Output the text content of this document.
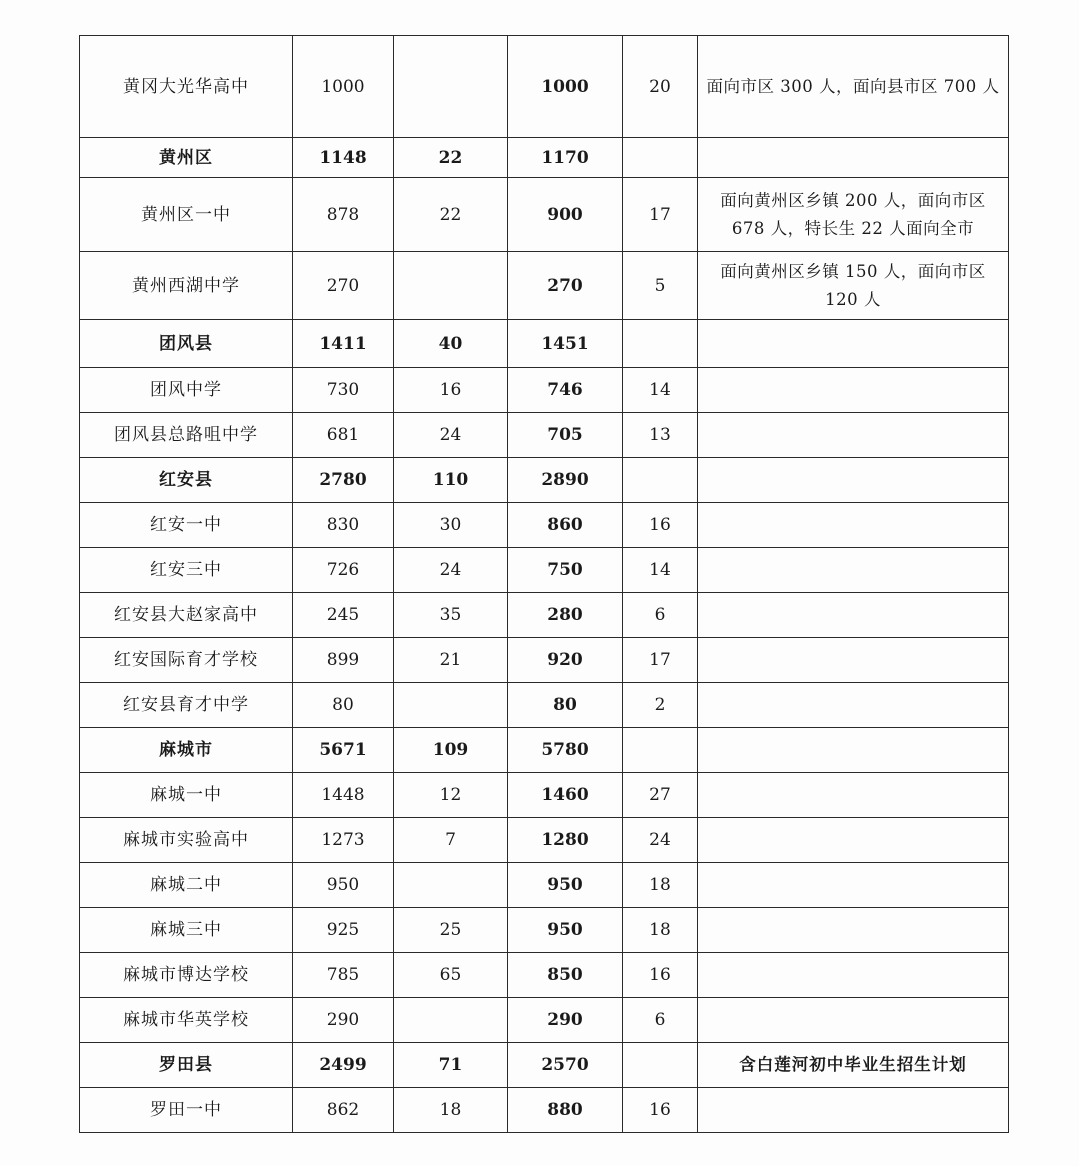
黄冈大光华高中	1000		1000	20	面向市区 300 人，面向县市区 700 人
黄州区	1148	22	1170		
黄州区一中	878	22	900	17	面向黄州区乡镇 200 人，面向市区 678 人，特长生 22 人面向全市
黄州西湖中学	270		270	5	面向黄州区乡镇 150 人，面向市区 120 人
团风县	1411	40	1451		
团风中学	730	16	746	14	
团风县总路咀中学	681	24	705	13	
红安县	2780	110	2890		
红安一中	830	30	860	16	
红安三中	726	24	750	14	
红安县大赵家高中	245	35	280	6	
红安国际育才学校	899	21	920	17	
红安县育才中学	80		80	2	
麻城市	5671	109	5780		
麻城一中	1448	12	1460	27	
麻城市实验高中	1273	7	1280	24	
麻城二中	950		950	18	
麻城三中	925	25	950	18	
麻城市博达学校	785	65	850	16	
麻城市华英学校	290		290	6	
罗田县	2499	71	2570		含白莲河初中毕业生招生计划
罗田一中	862	18	880	16	
